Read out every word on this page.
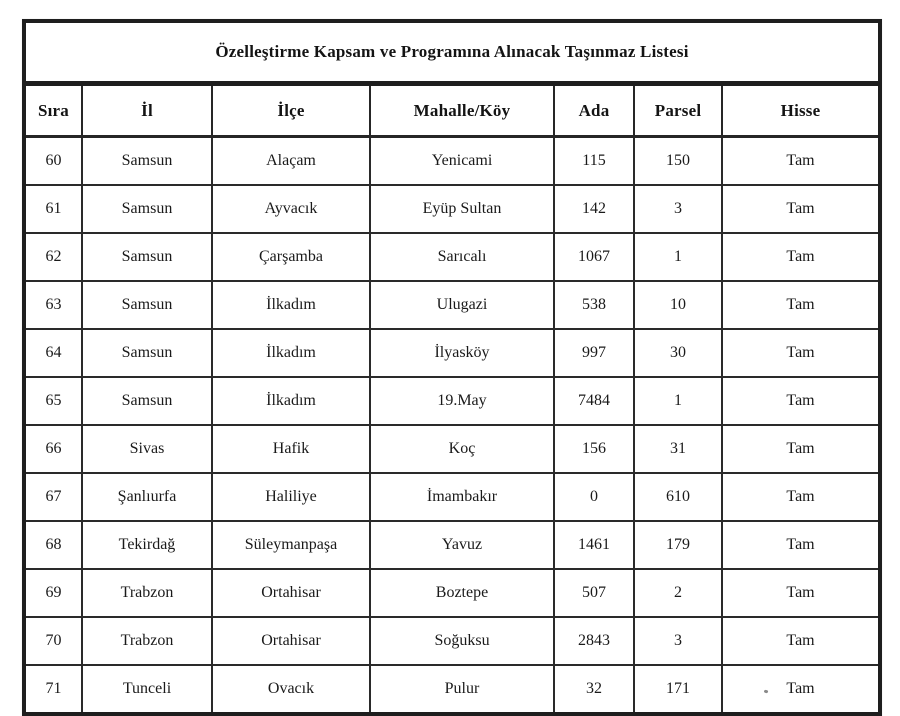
Özelleştirme Kapsam ve Programına Alınacak Taşınmaz Listesi						
Sıra	İl	İlçe	Mahalle/Köy	Ada	Parsel	Hisse
60	Samsun	Alaçam	Yenicami	115	150	Tam
61	Samsun	Ayvacık	Eyüp Sultan	142	3	Tam
62	Samsun	Çarşamba	Sarıcalı	1067	1	Tam
63	Samsun	İlkadım	Ulugazi	538	10	Tam
64	Samsun	İlkadım	İlyasköy	997	30	Tam
65	Samsun	İlkadım	19.May	7484	1	Tam
66	Sivas	Hafik	Koç	156	31	Tam
67	Şanlıurfa	Haliliye	İmambakır	0	610	Tam
68	Tekirdağ	Süleymanpaşa	Yavuz	1461	179	Tam
69	Trabzon	Ortahisar	Boztepe	507	2	Tam
70	Trabzon	Ortahisar	Soğuksu	2843	3	Tam
71	Tunceli	Ovacık	Pulur	32	171	Tam
